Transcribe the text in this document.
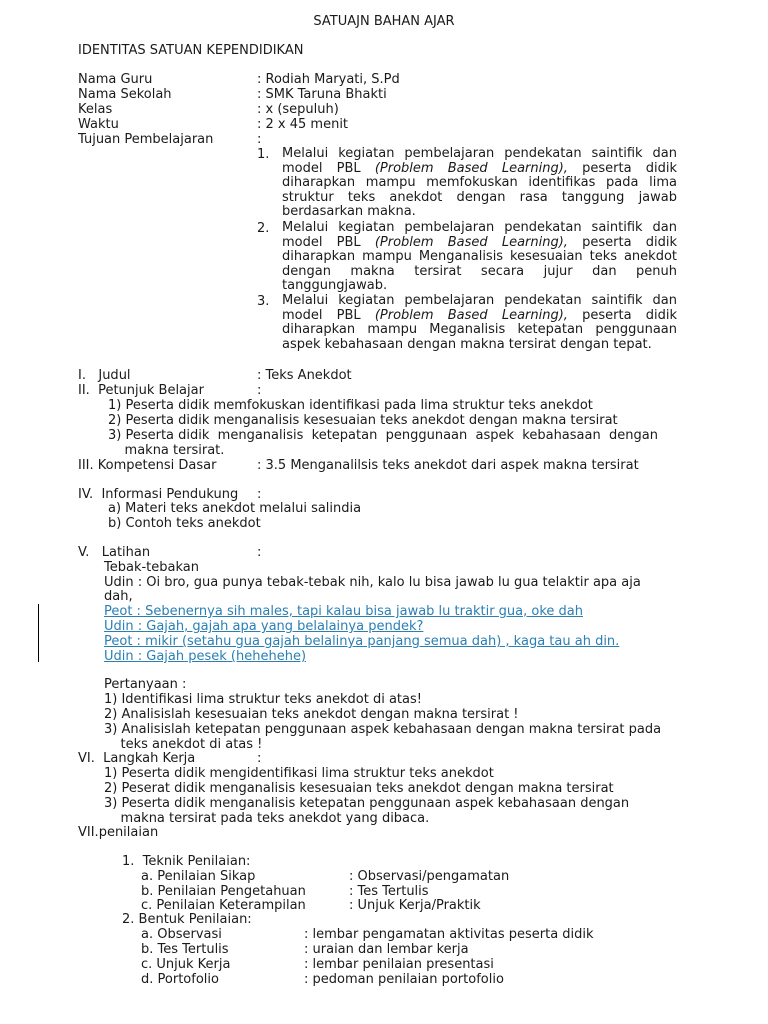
SATUAJN BAHAN AJAR
IDENTITAS SATUAN KEPENDIDIKAN
Nama Guru	: Rodiah Maryati, S.Pd
Nama Sekolah	: SMK Taruna Bhakti
Kelas	: x (sepuluh)
Waktu	: 2 x 45 menit
Tujuan Pembelajaran	:
1. Melalui kegiatan pembelajaran pendekatan saintifik dan model PBL (Problem Based Learning), peserta didik diharapkan mampu memfokuskan identifikas pada lima struktur teks anekdot dengan rasa tanggung jawab berdasarkan makna.
2. Melalui kegiatan pembelajaran pendekatan saintifik dan model PBL (Problem Based Learning), peserta didik diharapkan mampu Menganalisis kesesuaian teks anekdot dengan makna tersirat secara jujur dan penuh tanggungjawab.
3. Melalui kegiatan pembelajaran pendekatan saintifik dan model PBL (Problem Based Learning), peserta didik diharapkan mampu Meganalisis ketepatan penggunaan aspek kebahasaan dengan makna tersirat dengan tepat.
I.   Judul	: Teks Anekdot
II.  Petunjuk Belajar	:
1) Peserta didik memfokuskan identifikasi pada lima struktur teks anekdot
2) Peserta didik menganalisis kesesuaian teks anekdot dengan makna tersirat
3) Peserta didik  menganalisis  ketepatan  penggunaan  aspek  kebahasaan  dengan
makna tersirat.
III. Kompetensi Dasar	: 3.5 Menganalilsis teks anekdot dari aspek makna tersirat
IV.  Informasi Pendukung :
a) Materi teks anekdot melalui salindia
b) Contoh teks anekdot
V.   Latihan	:
Tebak-tebakan
Udin : Oi bro, gua punya tebak-tebak nih, kalo lu bisa jawab lu gua telaktir apa aja
dah,
Peot : Sebenernya sih males, tapi kalau bisa jawab lu traktir gua, oke dah
Udin : Gajah, gajah apa yang belalainya pendek?
Peot : mikir (setahu gua gajah belalinya panjang semua dah) , kaga tau ah din.
Udin : Gajah pesek (hehehehe)
Pertanyaan :
1) Identifikasi lima struktur teks anekdot di atas!
2) Analisislah kesesuaian teks anekdot dengan makna tersirat !
3) Analisislah ketepatan penggunaan aspek kebahasaan dengan makna tersirat pada
teks anekdot di atas !
VI.  Langkah Kerja	:
1) Peserta didik mengidentifikasi lima struktur teks anekdot
2) Peserat didik menganalisis kesesuaian teks anekdot dengan makna tersirat
3) Peserta didik menganalisis ketepatan penggunaan aspek kebahasaan dengan
makna tersirat pada teks anekdot yang dibaca.
VII.penilaian
1.  Teknik Penilaian:
a. Penilaian Sikap	: Observasi/pengamatan
b. Penilaian Pengetahuan	: Tes Tertulis
c. Penilaian Keterampilan	: Unjuk Kerja/Praktik
2. Bentuk Penilaian:
a. Observasi	: lembar pengamatan aktivitas peserta didik
b. Tes Tertulis	: uraian dan lembar kerja
c. Unjuk Kerja	: lembar penilaian presentasi
d. Portofolio	: pedoman penilaian portofolio
